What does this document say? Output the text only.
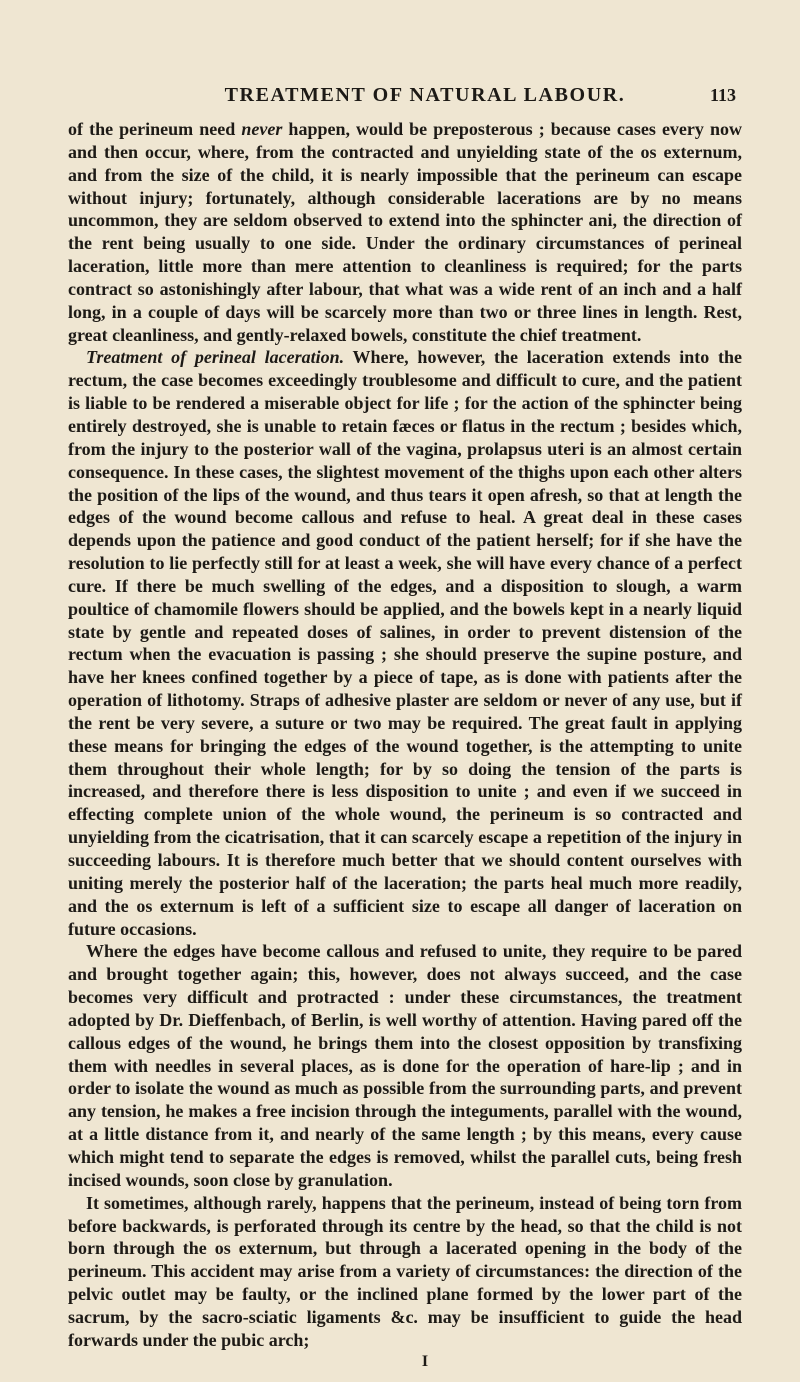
TREATMENT OF NATURAL LABOUR.	113

of the perineum need never happen, would be preposterous ; because cases every now and then occur, where, from the contracted and unyielding state of the os externum, and from the size of the child, it is nearly impossible that the perineum can escape without injury; fortunately, although considerable lacerations are by no means uncommon, they are seldom observed to extend into the sphincter ani, the direction of the rent being usually to one side. Under the ordinary circumstances of perineal laceration, little more than mere attention to cleanliness is required; for the parts contract so astonishingly after labour, that what was a wide rent of an inch and a half long, in a couple of days will be scarcely more than two or three lines in length. Rest, great cleanliness, and gently-relaxed bowels, constitute the chief treatment.

Treatment of perineal laceration. Where, however, the laceration extends into the rectum, the case becomes exceedingly troublesome and difficult to cure, and the patient is liable to be rendered a miserable object for life ; for the action of the sphincter being entirely destroyed, she is unable to retain fæces or flatus in the rectum ; besides which, from the injury to the posterior wall of the vagina, prolapsus uteri is an almost certain consequence. In these cases, the slightest movement of the thighs upon each other alters the position of the lips of the wound, and thus tears it open afresh, so that at length the edges of the wound become callous and refuse to heal. A great deal in these cases depends upon the patience and good conduct of the patient herself; for if she have the resolution to lie perfectly still for at least a week, she will have every chance of a perfect cure. If there be much swelling of the edges, and a disposition to slough, a warm poultice of chamomile flowers should be applied, and the bowels kept in a nearly liquid state by gentle and repeated doses of salines, in order to prevent distension of the rectum when the evacuation is passing ; she should preserve the supine posture, and have her knees confined together by a piece of tape, as is done with patients after the operation of lithotomy. Straps of adhesive plaster are seldom or never of any use, but if the rent be very severe, a suture or two may be required. The great fault in applying these means for bringing the edges of the wound together, is the attempting to unite them throughout their whole length; for by so doing the tension of the parts is increased, and therefore there is less disposition to unite ; and even if we succeed in effecting complete union of the whole wound, the perineum is so contracted and unyielding from the cicatrisation, that it can scarcely escape a repetition of the injury in succeeding labours. It is therefore much better that we should content ourselves with uniting merely the posterior half of the laceration; the parts heal much more readily, and the os externum is left of a sufficient size to escape all danger of laceration on future occasions.

Where the edges have become callous and refused to unite, they require to be pared and brought together again; this, however, does not always succeed, and the case becomes very difficult and protracted : under these circumstances, the treatment adopted by Dr. Dieffenbach, of Berlin, is well worthy of attention. Having pared off the callous edges of the wound, he brings them into the closest opposition by transfixing them with needles in several places, as is done for the operation of hare-lip ; and in order to isolate the wound as much as possible from the surrounding parts, and prevent any tension, he makes a free incision through the integuments, parallel with the wound, at a little distance from it, and nearly of the same length ; by this means, every cause which might tend to separate the edges is removed, whilst the parallel cuts, being fresh incised wounds, soon close by granulation.

It sometimes, although rarely, happens that the perineum, instead of being torn from before backwards, is perforated through its centre by the head, so that the child is not born through the os externum, but through a lacerated opening in the body of the perineum. This accident may arise from a variety of circumstances: the direction of the pelvic outlet may be faulty, or the inclined plane formed by the lower part of the sacrum, by the sacro-sciatic ligaments &c. may be insufficient to guide the head forwards under the pubic arch;

I
